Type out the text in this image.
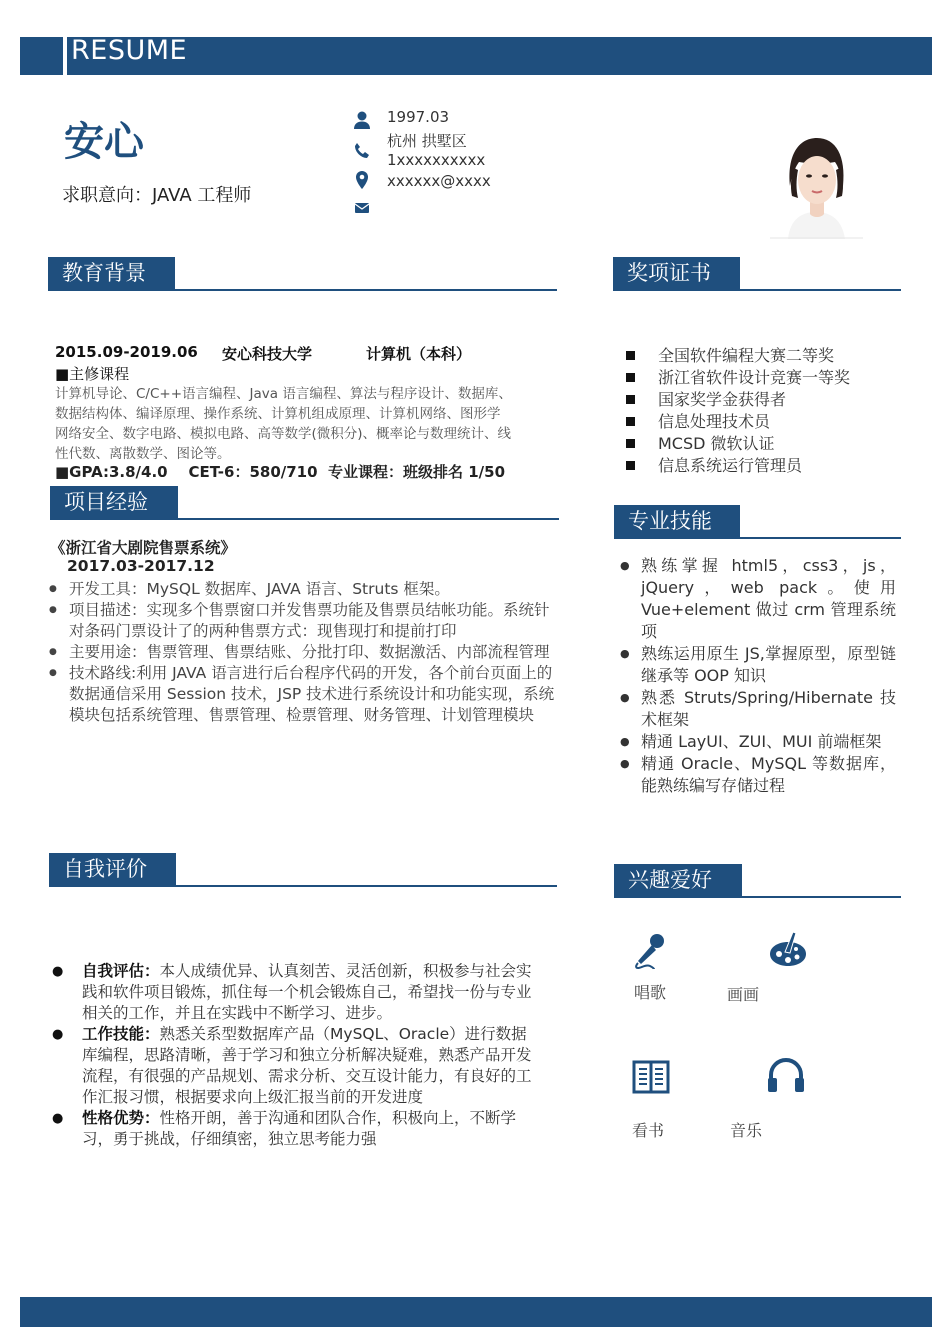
RESUME
安心
求职意向：JAVA 工程师
1997.03
杭州 拱墅区
1xxxxxxxxxx
xxxxxx@xxxx
教育背景
2015.09-2019.06 安心科技大学	计算机（本科）
■主修课程
计算机导论、C/C++语言编程、Java 语言编程、算法与程序设计、数据库、
数据结构体、编译原理、操作系统、计算机组成原理、计算机网络、图形学
网络安全、数字电路、模拟电路、高等数学(微积分)、概率论与数理统计、线
性代数、离散数学、图论等。
■GPA:3.8/4.0    CET-6：580/710  专业课程：班级排名 1/50
奖项证书
全国软件编程大赛二等奖
浙江省软件设计竞赛一等奖
国家奖学金获得者
信息处理技术员
MCSD 微软认证
信息系统运行管理员
项目经验
《浙江省大剧院售票系统》
2017.03-2017.12
● 开发工具：MySQL 数据库、JAVA 语言、Struts 框架。
● 项目描述：实现多个售票窗口并发售票功能及售票员结帐功能。系统针对条码门票设计了的两种售票方式：现售现打和提前打印
● 主要用途：售票管理、售票结账、分批打印、数据激活、内部流程管理
● 技术路线:利用 JAVA 语言进行后台程序代码的开发，各个前台页面上的数据通信采用 Session 技术，JSP 技术进行系统设计和功能实现，系统模块包括系统管理、售票管理、检票管理、财务管理、计划管理模块
专业技能
● 熟练掌握 html5，css3，js，jQuery，web pack。使用 Vue+element 做过 crm 管理系统项
● 熟练运用原生 JS,掌握原型，原型链继承等 OOP 知识
● 熟悉 Struts/Spring/Hibernate 技术框架
● 精通 LayUI、ZUI、MUI 前端框架
● 精通 Oracle、MySQL 等数据库，能熟练编写存储过程
自我评价
● 自我评估：本人成绩优异、认真刻苦、灵活创新，积极参与社会实践和软件项目锻炼，抓住每一个机会锻炼自己，希望找一份与专业相关的工作，并且在实践中不断学习、进步。
● 工作技能：熟悉关系型数据库产品（MySQL、Oracle）进行数据库编程，思路清晰，善于学习和独立分析解决疑难，熟悉产品开发流程，有很强的产品规划、需求分析、交互设计能力，有良好的工作汇报习惯，根据要求向上级汇报当前的开发进度
● 性格优势：性格开朗，善于沟通和团队合作，积极向上，不断学习，勇于挑战，仔细缜密，独立思考能力强
兴趣爱好
唱歌	画画
看书	音乐
